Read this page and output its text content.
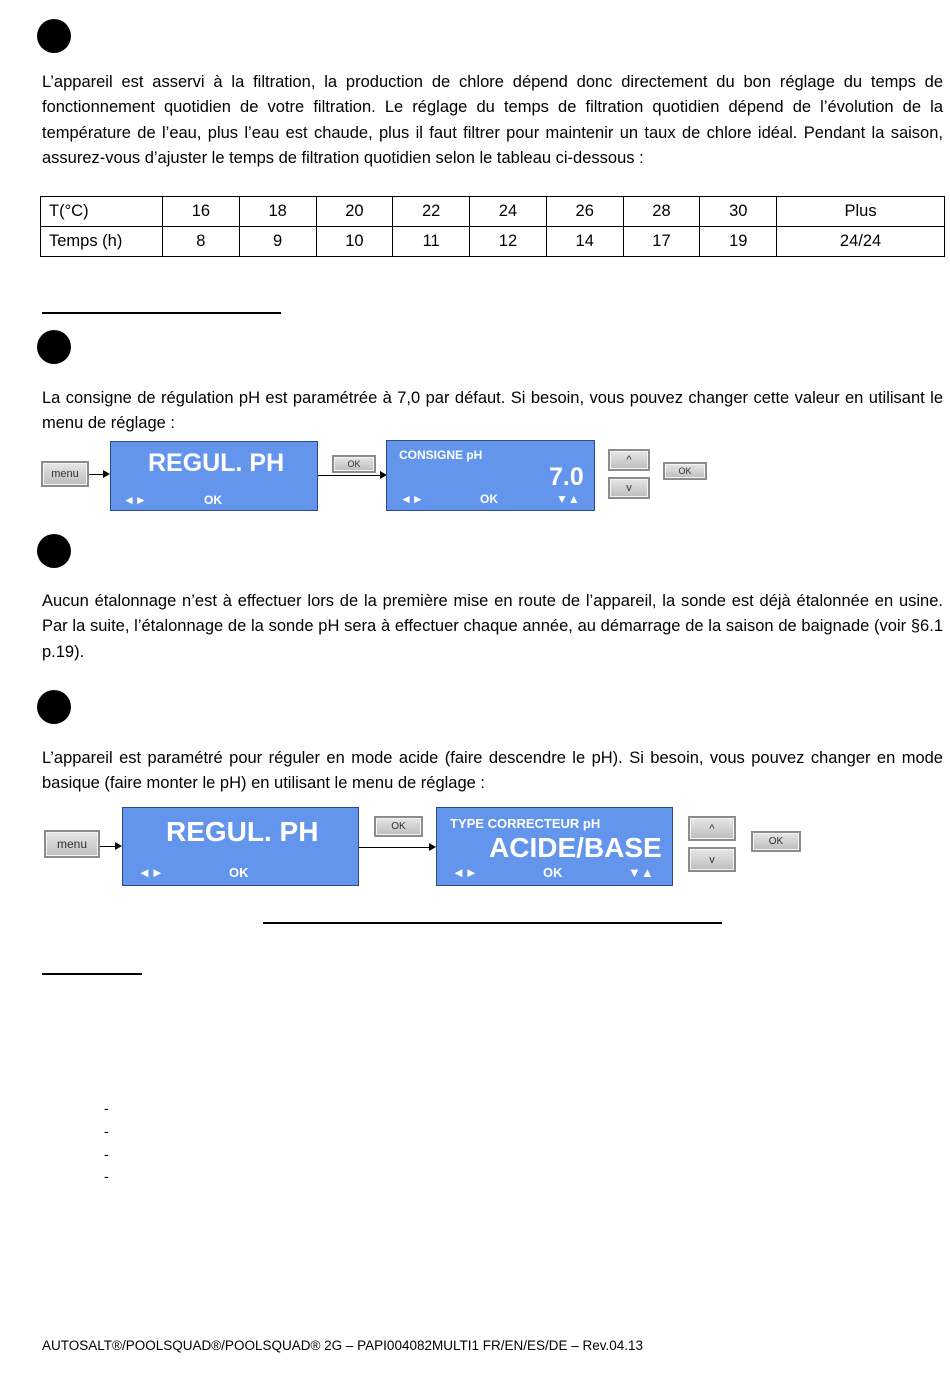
L’appareil est asservi à la filtration, la production de chlore dépend donc directement du bon réglage du temps de fonctionnement quotidien de votre filtration. Le réglage du temps de filtration quotidien dépend de l’évolution de la température de l’eau, plus l’eau est chaude, plus il faut filtrer pour maintenir un taux de chlore idéal. Pendant la saison, assurez-vous d’ajuster le temps de filtration quotidien selon le tableau ci-dessous :
T(°C)	16	18	20	22	24	26	28	30	Plus
Temps (h)	8	9	10	11	12	14	17	19	24/24
La consigne de régulation pH est paramétrée à 7,0 par défaut. Si besoin, vous pouvez changer cette valeur en utilisant le menu de réglage :
menu	REGUL. PH
◄►	OK
OK
CONSIGNE pH
7.0
◄►	OK	▼▲
^
v
OK
Aucun étalonnage n’est à effectuer lors de la première mise en route de l’appareil, la sonde est déjà étalonnée en usine. Par la suite, l’étalonnage de la sonde pH sera à effectuer chaque année, au démarrage de la saison de baignade (voir §6.1 p.19).
L’appareil est paramétré pour réguler en mode acide (faire descendre le pH). Si besoin, vous pouvez changer en mode basique (faire monter le pH) en utilisant le menu de réglage :
menu	REGUL. PH
◄►	OK
OK	TYPE CORRECTEUR pH
ACIDE/BASE
◄►	OK	▼▲
^
v
OK
-
-
-
-
AUTOSALT®/POOLSQUAD®/POOLSQUAD® 2G – PAPI004082MULTI1 FR/EN/ES/DE – Rev.04.13
